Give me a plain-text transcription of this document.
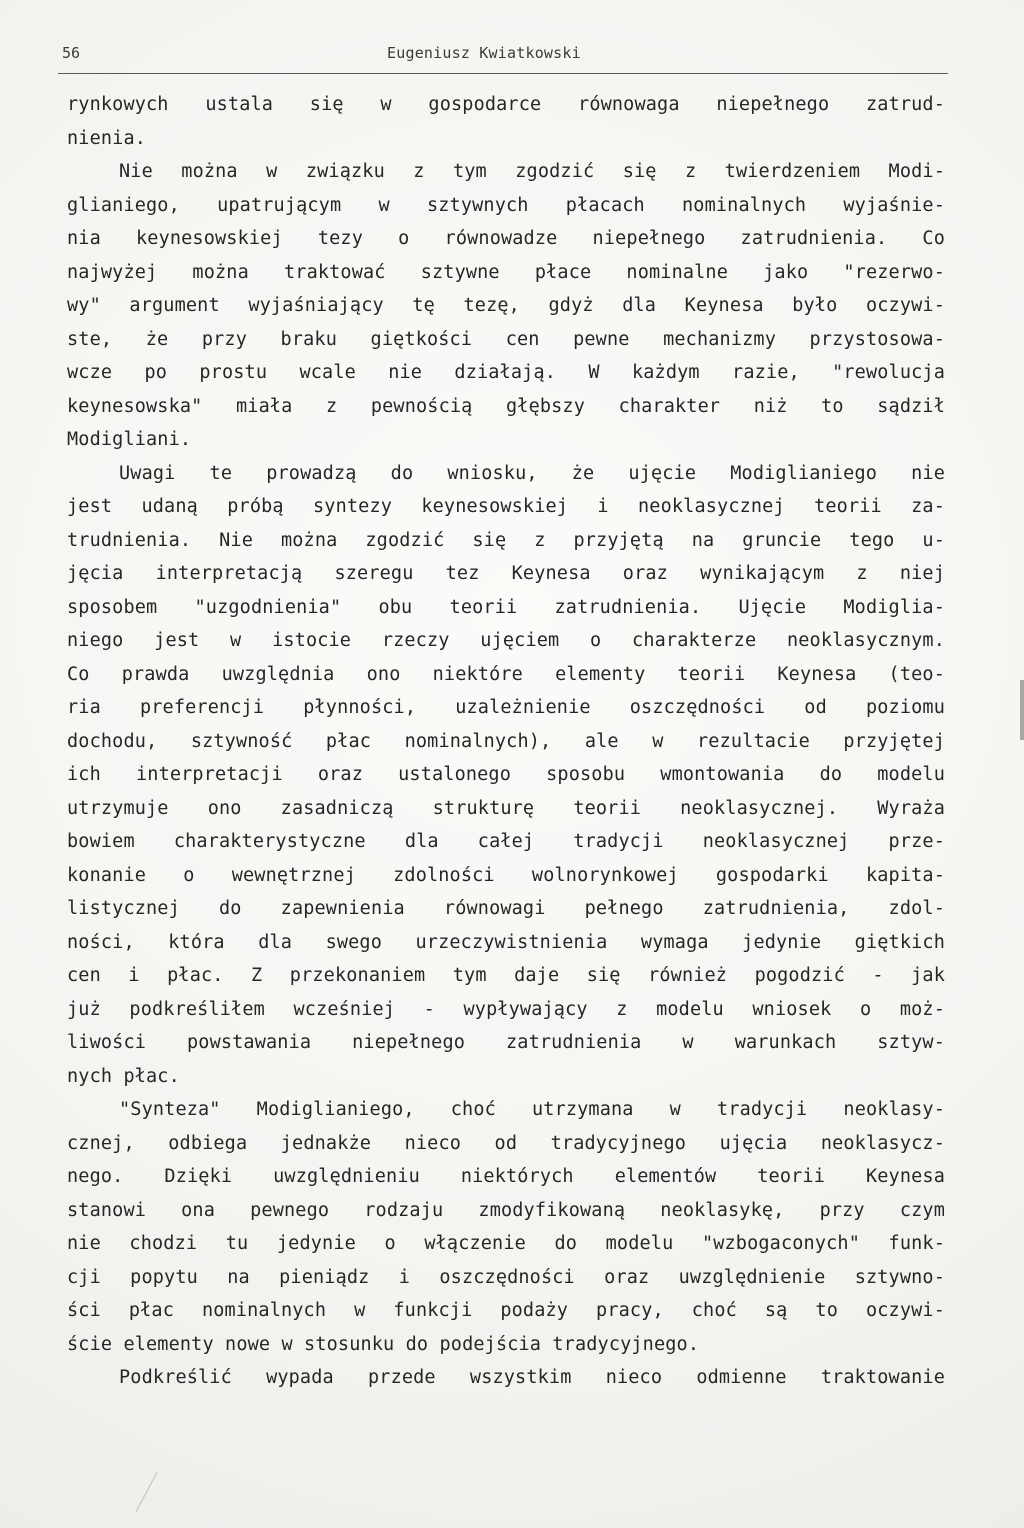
56	Eugeniusz Kwiatkowski
rynkowych ustala się w gospodarce równowaga niepełnego zatrud-
nienia.
Nie można w związku z tym zgodzić się z twierdzeniem Modi-
glianiego, upatrującym w sztywnych płacach nominalnych wyjaśnie-
nia keynesowskiej tezy o równowadze niepełnego zatrudnienia. Co
najwyżej można traktować sztywne płace nominalne jako "rezerwo-
wy" argument wyjaśniający tę tezę, gdyż dla Keynesa było oczywi-
ste, że przy braku giętkości cen pewne mechanizmy przystosowa-
wcze po prostu wcale nie działają. W każdym razie, "rewolucja
keynesowska" miała z pewnością głębszy charakter niż to sądził
Modigliani.
Uwagi te prowadzą do wniosku, że ujęcie Modiglianiego nie
jest udaną próbą syntezy keynesowskiej i neoklasycznej teorii za-
trudnienia. Nie można zgodzić się z przyjętą na gruncie tego u-
jęcia interpretacją szeregu tez Keynesa oraz wynikającym z niej
sposobem "uzgodnienia" obu teorii zatrudnienia. Ujęcie Modiglia-
niego jest w istocie rzeczy ujęciem o charakterze neoklasycznym.
Co prawda uwzględnia ono niektóre elementy teorii Keynesa (teo-
ria preferencji płynności, uzależnienie oszczędności od poziomu
dochodu, sztywność płac nominalnych), ale w rezultacie przyjętej
ich interpretacji oraz ustalonego sposobu wmontowania do modelu
utrzymuje ono zasadniczą strukturę teorii neoklasycznej. Wyraża
bowiem charakterystyczne dla całej tradycji neoklasycznej prze-
konanie o wewnętrznej zdolności wolnorynkowej gospodarki kapita-
listycznej do zapewnienia równowagi pełnego zatrudnienia, zdol-
ności, która dla swego urzeczywistnienia wymaga jedynie giętkich
cen i płac. Z przekonaniem tym daje się również pogodzić - jak
już podkreśliłem wcześniej - wypływający z modelu wniosek o moż-
liwości powstawania niepełnego zatrudnienia w warunkach sztyw-
nych płac.
"Synteza" Modiglianiego, choć utrzymana w tradycji neoklasy-
cznej, odbiega jednakże nieco od tradycyjnego ujęcia neoklasycz-
nego. Dzięki uwzględnieniu niektórych elementów teorii Keynesa
stanowi ona pewnego rodzaju zmodyfikowaną neoklasykę, przy czym
nie chodzi tu jedynie o włączenie do modelu "wzbogaconych" funk-
cji popytu na pieniądz i oszczędności oraz uwzględnienie sztywno-
ści płac nominalnych w funkcji podaży pracy, choć są to oczywi-
ście elementy nowe w stosunku do podejścia tradycyjnego.
Podkreślić wypada przede wszystkim nieco odmienne traktowanie
